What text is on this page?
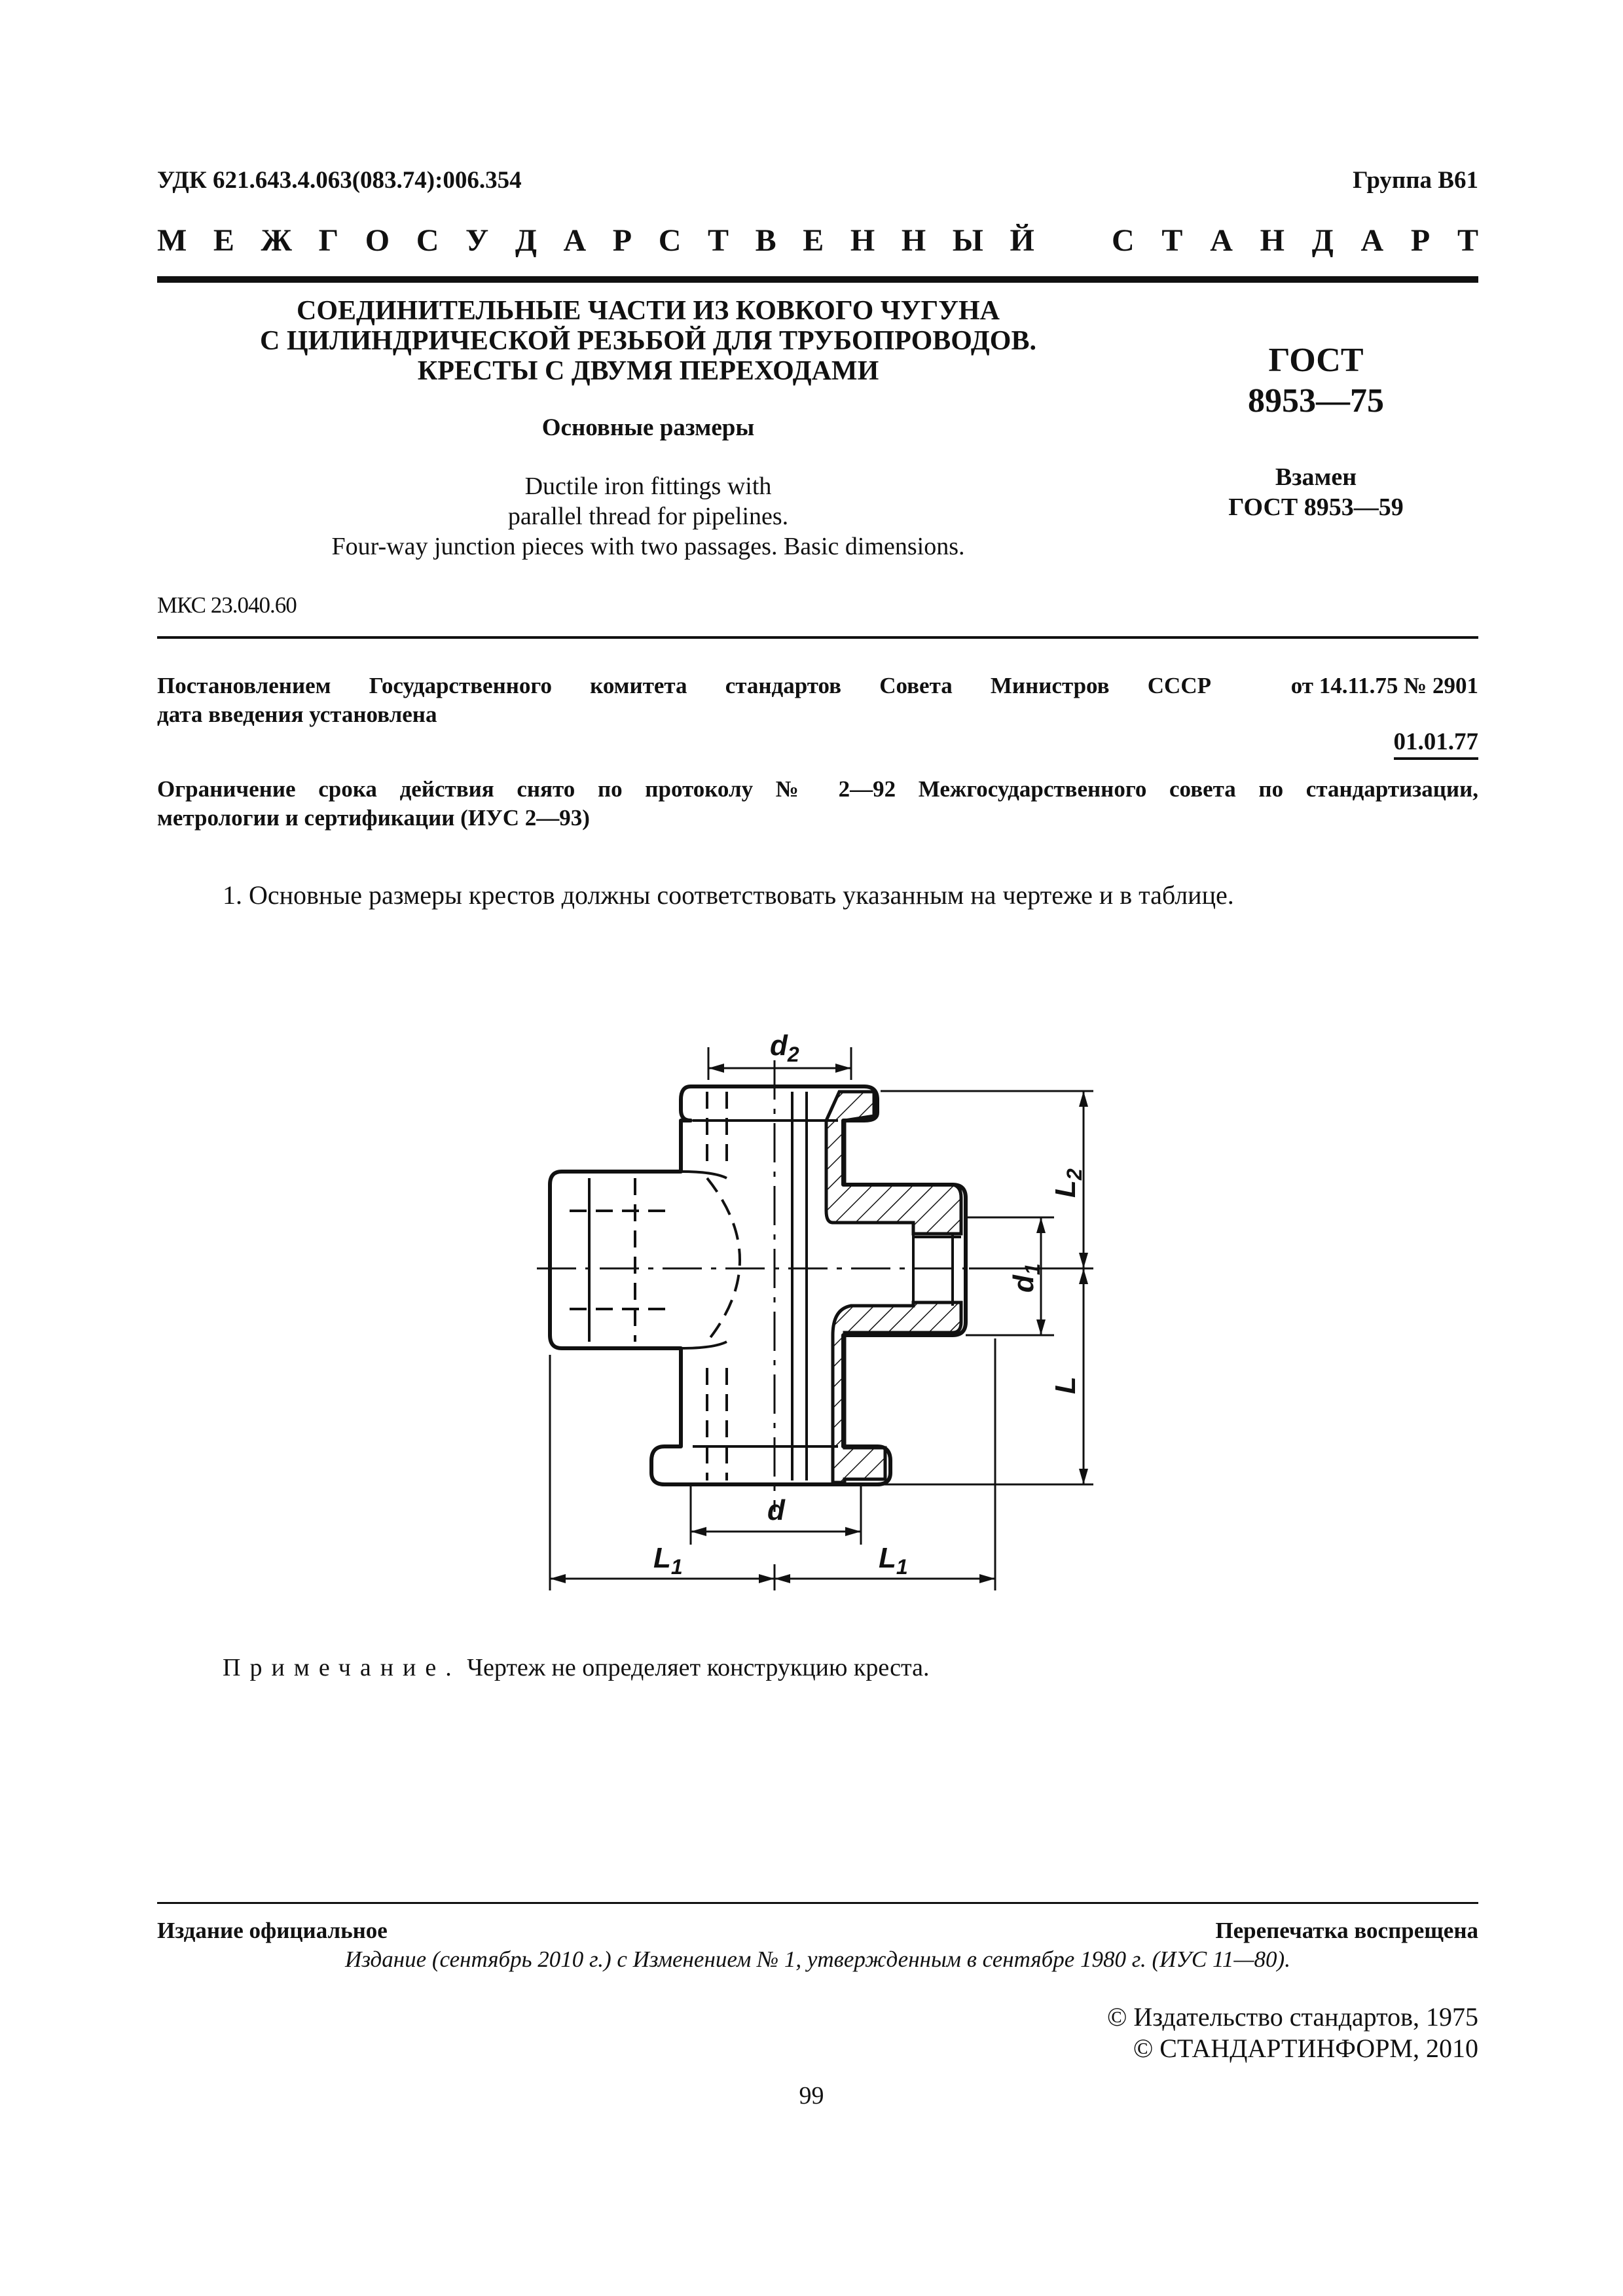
УДК 621.643.4.063(083.74):006.354	Группа В61
М Е Ж Г О С У Д А Р С Т В Е Н Н Ы Й С Т А Н Д А Р Т
СОЕДИНИТЕЛЬНЫЕ ЧАСТИ ИЗ КОВКОГО ЧУГУНА
С ЦИЛИНДРИЧЕСКОЙ РЕЗЬБОЙ ДЛЯ ТРУБОПРОВОДОВ.
КРЕСТЫ С ДВУМЯ ПЕРЕХОДАМИ
Основные размеры
Ductile iron fittings with
parallel thread for pipelines.
Four-way junction pieces with two passages. Basic dimensions.
ГОСТ
8953—75
Взамен
ГОСТ 8953—59
МКС 23.040.60
Постановлением Государственного комитета стандартов Совета Министров СССР	от 14.11.75 № 2901
дата введения установлена
01.01.77
Ограничение срока действия снято по протоколу № 2—92 Межгосударственного совета по стандартизации,
метрологии и сертификации (ИУС 2—93)
1. Основные размеры крестов должны соответствовать указанным на чертеже и в таблице.
$d_2$
d
$L_1$	$L_1$
$L_2$
$d_1$
L
Примечание. Чертеж не определяет конструкцию креста.
Издание официальное	Перепечатка воспрещена
Издание (сентябрь 2010 г.) с Изменением № 1, утвержденным в сентябре 1980 г. (ИУС 11—80).
© Издательство стандартов, 1975
© СТАНДАРТИНФОРМ, 2010
99
